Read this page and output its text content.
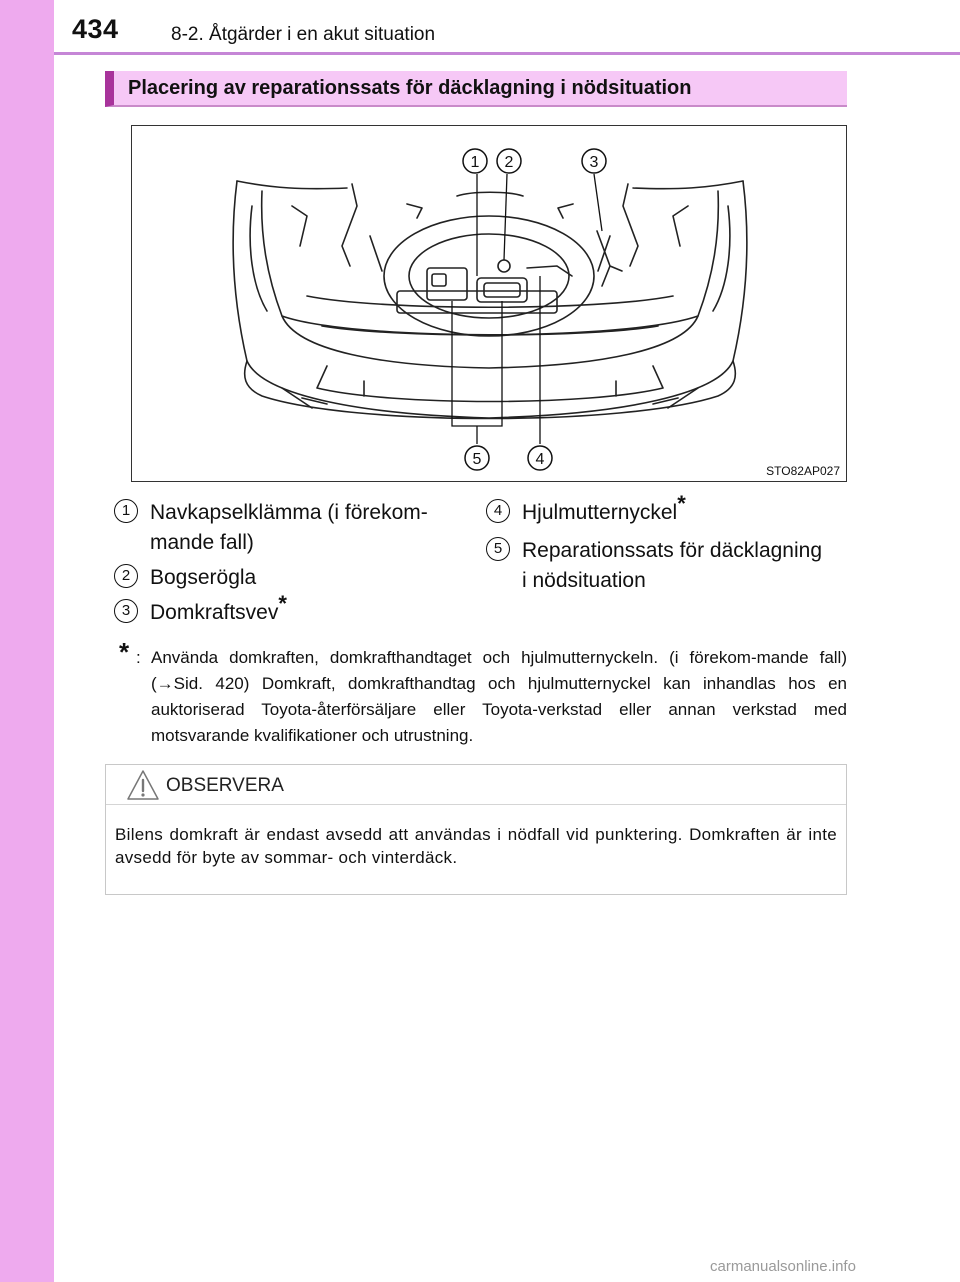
434	8-2. Åtgärder i en akut situation
Placering av reparationssats för däcklagning i nödsituation
1 2	3
4
5
STO82AP027
1 Navkapselklämma (i förekom-
mande fall)
2 Bogserögla
3 Domkraftsvev*
4 Hjulmutternyckel*
5 Reparationssats för däcklagning
i nödsituation
* : Använda domkraften, domkrafthandtaget och hjulmutternyckeln. (i förekom-mande fall) (→Sid. 420) Domkraft, domkrafthandtag och hjulmutternyckel kan inhandlas hos en auktoriserad Toyota-återförsäljare eller Toyota-verkstad eller annan verkstad med motsvarande kvalifikationer och utrustning.
OBSERVERA
Bilens domkraft är endast avsedd att användas i nödfall vid punktering. Domkraften är inte avsedd för byte av sommar- och vinterdäck.
carmanualsonline.info
